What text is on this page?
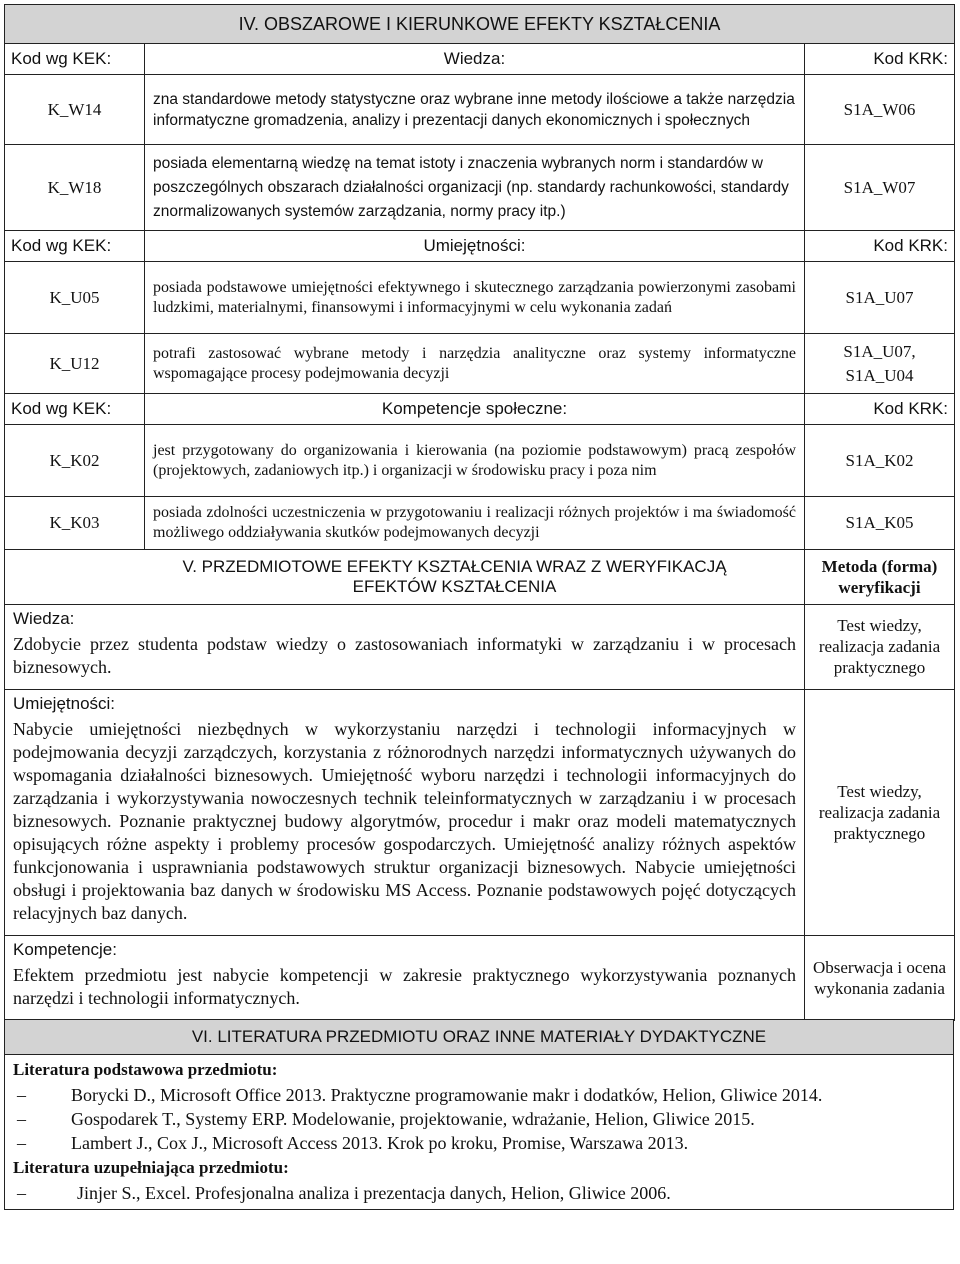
IV. OBSZAROWE I KIERUNKOWE EFEKTY KSZTAŁCENIA		
Kod wg KEK:	Wiedza:	Kod KRK:
K_W14	zna standardowe metody statystyczne oraz wybrane inne metody ilościowe a także narzędzia informatyczne gromadzenia, analizy i prezentacji danych ekonomicznych i społecznych	S1A_W06
K_W18	posiada elementarną wiedzę na temat istoty i znaczenia wybranych norm i standardów w poszczególnych obszarach działalności organizacji (np. standardy rachunkowości, standardy znormalizowanych systemów zarządzania, normy pracy itp.)	S1A_W07
Kod wg KEK:	Umiejętności:	Kod KRK:
K_U05	posiada podstawowe umiejętności efektywnego i skutecznego zarządzania powierzonymi zasobami ludzkimi, materialnymi, finansowymi i informacyjnymi w celu wykonania zadań	S1A_U07
K_U12	potrafi zastosować wybrane metody i narzędzia analityczne oraz systemy informatyczne wspomagające procesy podejmowania decyzji	S1A_U07,
S1A_U04

Kod wg KEK:	Kompetencje społeczne:	Kod KRK:
K_K02	jest przygotowany do organizowania i kierowania (na poziomie podstawowym) pracą zespołów (projektowych, zadaniowych itp.) i organizacji w środowisku pracy i poza nim	S1A_K02
K_K03	posiada zdolności uczestniczenia w przygotowaniu i realizacji różnych projektów i ma świadomość możliwego oddziaływania skutków podejmowanych decyzji	S1A_K05
V. PRZEDMIOTOWE EFEKTY KSZTAŁCENIA WRAZ Z WERYFIKACJĄ EFEKTÓW KSZTAŁCENIA	Metoda (forma) weryfikacji

Wiedza:
Zdobycie przez studenta podstaw wiedzy o zastosowaniach informatyki w zarządzaniu i w procesach biznesowych.	Test wiedzy, realizacja zadania praktycznego

Umiejętności:
Nabycie umiejętności niezbędnych w wykorzystaniu narzędzi i technologii informacyjnych w podejmowania decyzji zarządczych, korzystania z różnorodnych narzędzi informatycznych używanych do wspomagania działalności biznesowych. Umiejętność wyboru narzędzi i technologii informacyjnych do zarządzania i wykorzystywania nowoczesnych technik teleinformatycznych w zarządzaniu i w procesach biznesowych. Poznanie praktycznej budowy algorytmów, procedur i makr oraz modeli matematycznych opisujących różne aspekty i problemy procesów gospodarczych. Umiejętność analizy różnych aspektów funkcjonowania i usprawniania podstawowych struktur organizacji biznesowych. Nabycie umiejętności obsługi i projektowania baz danych w środowisku MS Access. Poznanie podstawowych pojęć dotyczących relacyjnych baz danych.	Test wiedzy, realizacja zadania praktycznego

Kompetencje:
Efektem przedmiotu jest nabycie kompetencji w zakresie praktycznego wykorzystywania poznanych narzędzi i technologii informatycznych.	Obserwacja i ocena wykonania zadania
VI. LITERATURA PRZEDMIOTU ORAZ INNE MATERIAŁY DYDAKTYCZNE

Literatura podstawowa przedmiotu:
–	Borycki D., Microsoft Office 2013. Praktyczne programowanie makr i dodatków, Helion, Gliwice 2014.
–	Gospodarek T., Systemy ERP. Modelowanie, projektowanie, wdrażanie, Helion, Gliwice 2015.
–	Lambert J., Cox J., Microsoft Access 2013. Krok po kroku, Promise, Warszawa 2013.
Literatura uzupełniająca przedmiotu:
–	Jinjer S., Excel. Profesjonalna analiza i prezentacja danych, Helion, Gliwice 2006.
